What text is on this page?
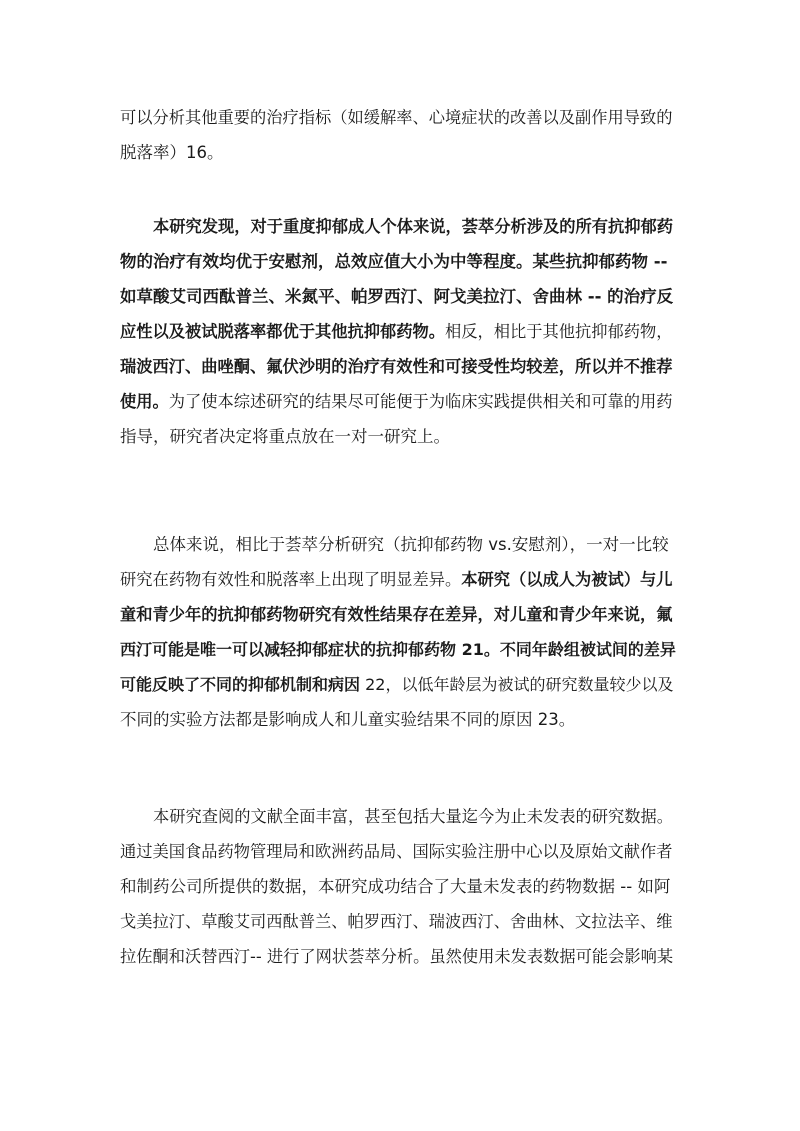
可以分析其他重要的治疗指标（如缓解率、心境症状的改善以及副作用导致的
脱落率）16。

本研究发现，对于重度抑郁成人个体来说，荟萃分析涉及的所有抗抑郁药
物的治疗有效均优于安慰剂，总效应值大小为中等程度。某些抗抑郁药物 --
如草酸艾司西酞普兰、米氮平、帕罗西汀、阿戈美拉汀、舍曲林 -- 的治疗反
应性以及被试脱落率都优于其他抗抑郁药物。相反，相比于其他抗抑郁药物，
瑞波西汀、曲唑酮、氟伏沙明的治疗有效性和可接受性均较差，所以并不推荐
使用。为了使本综述研究的结果尽可能便于为临床实践提供相关和可靠的用药
指导，研究者决定将重点放在一对一研究上。

总体来说，相比于荟萃分析研究（抗抑郁药物 vs.安慰剂），一对一比较
研究在药物有效性和脱落率上出现了明显差异。本研究（以成人为被试）与儿
童和青少年的抗抑郁药物研究有效性结果存在差异，对儿童和青少年来说，氟
西汀可能是唯一可以减轻抑郁症状的抗抑郁药物 21。不同年龄组被试间的差异
可能反映了不同的抑郁机制和病因 22，以低年龄层为被试的研究数量较少以及
不同的实验方法都是影响成人和儿童实验结果不同的原因 23。

本研究查阅的文献全面丰富，甚至包括大量迄今为止未发表的研究数据。
通过美国食品药物管理局和欧洲药品局、国际实验注册中心以及原始文献作者
和制药公司所提供的数据，本研究成功结合了大量未发表的药物数据 -- 如阿
戈美拉汀、草酸艾司西酞普兰、帕罗西汀、瑞波西汀、舍曲林、文拉法辛、维
拉佐酮和沃替西汀-- 进行了网状荟萃分析。虽然使用未发表数据可能会影响某
